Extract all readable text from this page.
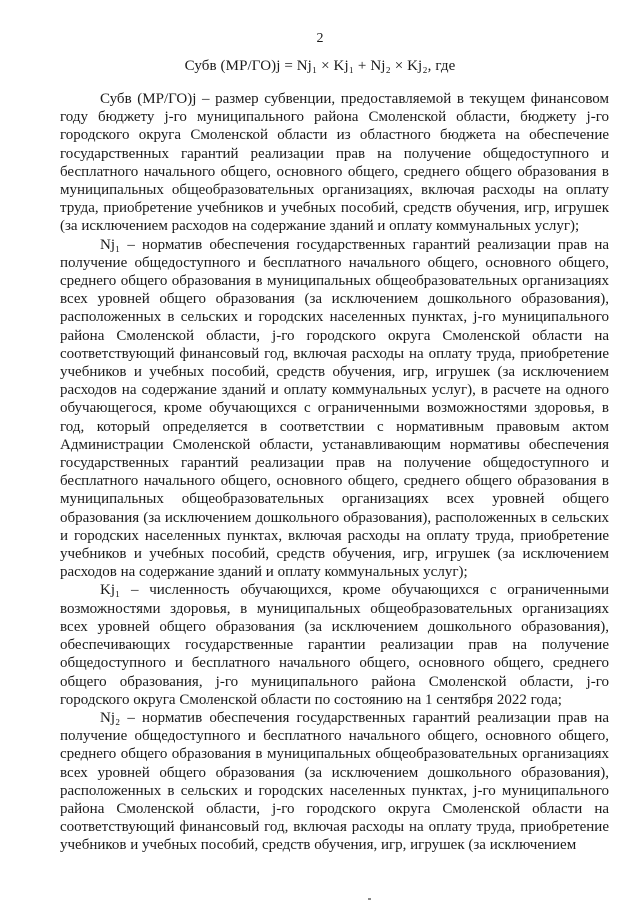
2
Субв (МР/ГО)j = Nj₁ × Kj₁ + Nj₂ × Kj₂, где

Субв (МР/ГО)j – размер субвенции, предоставляемой в текущем финансовом году бюджету j-го муниципального района Смоленской области, бюджету j-го городского округа Смоленской области из областного бюджета на обеспечение государственных гарантий реализации прав на получение общедоступного и бесплатного начального общего, основного общего, среднего общего образования в муниципальных общеобразовательных организациях, включая расходы на оплату труда, приобретение учебников и учебных пособий, средств обучения, игр, игрушек (за исключением расходов на содержание зданий и оплату коммунальных услуг);

Nj₁ – норматив обеспечения государственных гарантий реализации прав на получение общедоступного и бесплатного начального общего, основного общего, среднего общего образования в муниципальных общеобразовательных организациях всех уровней общего образования (за исключением дошкольного образования), расположенных в сельских и городских населенных пунктах, j-го муниципального района Смоленской области, j-го городского округа Смоленской области на соответствующий финансовый год, включая расходы на оплату труда, приобретение учебников и учебных пособий, средств обучения, игр, игрушек (за исключением расходов на содержание зданий и оплату коммунальных услуг), в расчете на одного обучающегося, кроме обучающихся с ограниченными возможностями здоровья, в год, который определяется в соответствии с нормативным правовым актом Администрации Смоленской области, устанавливающим нормативы обеспечения государственных гарантий реализации прав на получение общедоступного и бесплатного начального общего, основного общего, среднего общего образования в муниципальных общеобразовательных организациях всех уровней общего образования (за исключением дошкольного образования), расположенных в сельских и городских населенных пунктах, включая расходы на оплату труда, приобретение учебников и учебных пособий, средств обучения, игр, игрушек (за исключением расходов на содержание зданий и оплату коммунальных услуг);

Kj₁ – численность обучающихся, кроме обучающихся с ограниченными возможностями здоровья, в муниципальных общеобразовательных организациях всех уровней общего образования (за исключением дошкольного образования), обеспечивающих государственные гарантии реализации прав на получение общедоступного и бесплатного начального общего, основного общего, среднего общего образования, j-го муниципального района Смоленской области, j-го городского округа Смоленской области по состоянию на 1 сентября 2022 года;

Nj₂ – норматив обеспечения государственных гарантий реализации прав на получение общедоступного и бесплатного начального общего, основного общего, среднего общего образования в муниципальных общеобразовательных организациях всех уровней общего образования (за исключением дошкольного образования), расположенных в сельских и городских населенных пунктах, j-го муниципального района Смоленской области, j-го городского округа Смоленской области на соответствующий финансовый год, включая расходы на оплату труда, приобретение учебников и учебных пособий, средств обучения, игр, игрушек (за исключением
